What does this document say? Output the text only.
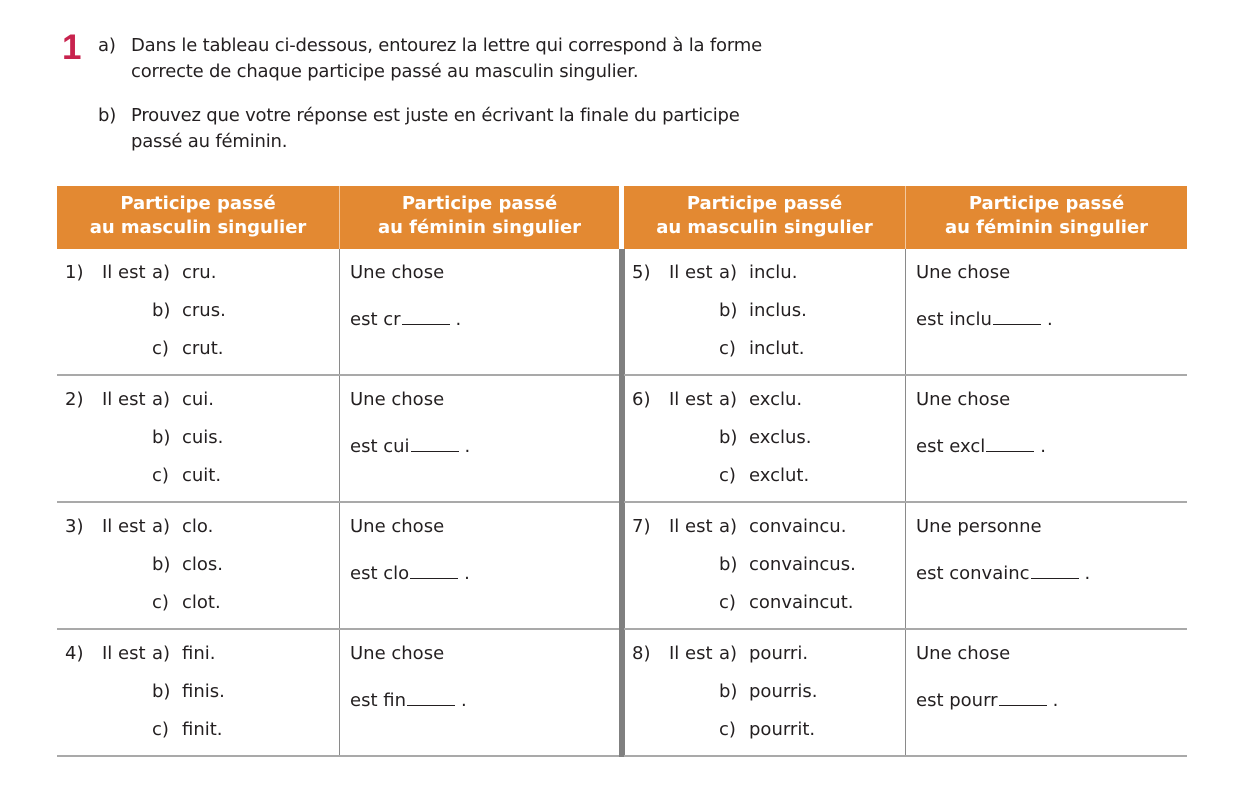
1 a) Dans le tableau ci-dessous, entourez la lettre qui correspond à la forme
correcte de chaque participe passé au masculin singulier.
b) Prouvez que votre réponse est juste en écrivant la finale du participe
passé au féminin.
Participe passé
au masculin singulier
Participe passé
au féminin singulier
1) Il est a) cru.
b) crus.
c) crut.
Une chose
est cr	.
2) Il est a) cui.
b) cuis.
c) cuit.
Une chose
est cui	.
3) Il est a) clo.
b) clos.
c) clot.
Une chose
est clo	.
4) Il est a) fini.
b) finis.
c) finit.
Une chose
est fin	.
Participe passé
au masculin singulier
Participe passé
au féminin singulier
5) Il est a) inclu.
b) inclus.
c) inclut.
Une chose
est inclu	.
6) Il est a) exclu.
b) exclus.
c) exclut.
Une chose
est excl	.
7) Il est a) convaincu.
b) convaincus.
c) convaincut.
Une personne
est convainc	.
8) Il est a) pourri.
b) pourris.
c) pourrit.
Une chose
est pourr	.
